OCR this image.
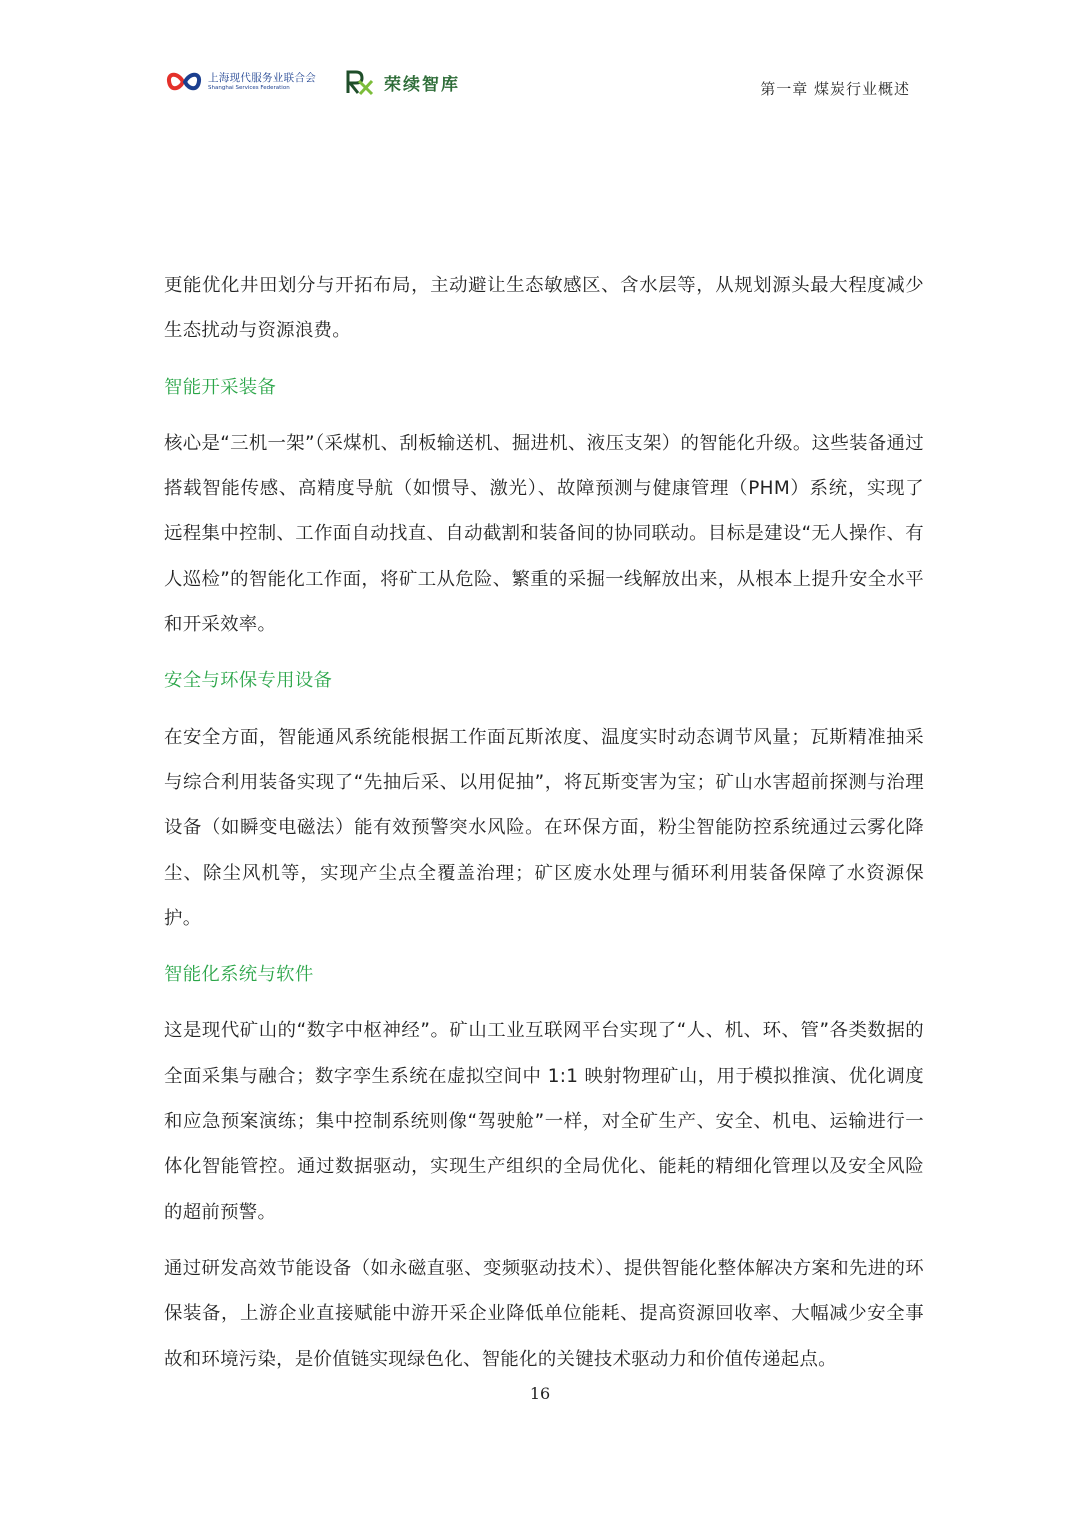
上海现代服务业联合会
Shanghai Services Federation	荣续智库	第一章 煤炭行业概述

更能优化井田划分与开拓布局，主动避让生态敏感区、含水层等，从规划源头最大程度减少生态扰动与资源浪费。

智能开采装备

核心是“三机一架”（采煤机、刮板输送机、掘进机、液压支架）的智能化升级。这些装备通过搭载智能传感、高精度导航（如惯导、激光）、故障预测与健康管理（PHM）系统，实现了远程集中控制、工作面自动找直、自动截割和装备间的协同联动。目标是建设“无人操作、有人巡检”的智能化工作面，将矿工从危险、繁重的采掘一线解放出来，从根本上提升安全水平和开采效率。

安全与环保专用设备

在安全方面，智能通风系统能根据工作面瓦斯浓度、温度实时动态调节风量；瓦斯精准抽采与综合利用装备实现了“先抽后采、以用促抽”，将瓦斯变害为宝；矿山水害超前探测与治理设备（如瞬变电磁法）能有效预警突水风险。在环保方面，粉尘智能防控系统通过云雾化降尘、除尘风机等，实现产尘点全覆盖治理；矿区废水处理与循环利用装备保障了水资源保护。

智能化系统与软件

这是现代矿山的“数字中枢神经”。矿山工业互联网平台实现了“人、机、环、管”各类数据的全面采集与融合；数字孪生系统在虚拟空间中 1:1 映射物理矿山，用于模拟推演、优化调度和应急预案演练；集中控制系统则像“驾驶舱”一样，对全矿生产、安全、机电、运输进行一体化智能管控。通过数据驱动，实现生产组织的全局优化、能耗的精细化管理以及安全风险的超前预警。

通过研发高效节能设备（如永磁直驱、变频驱动技术）、提供智能化整体解决方案和先进的环保装备，上游企业直接赋能中游开采企业降低单位能耗、提高资源回收率、大幅减少安全事故和环境污染，是价值链实现绿色化、智能化的关键技术驱动力和价值传递起点。

16
